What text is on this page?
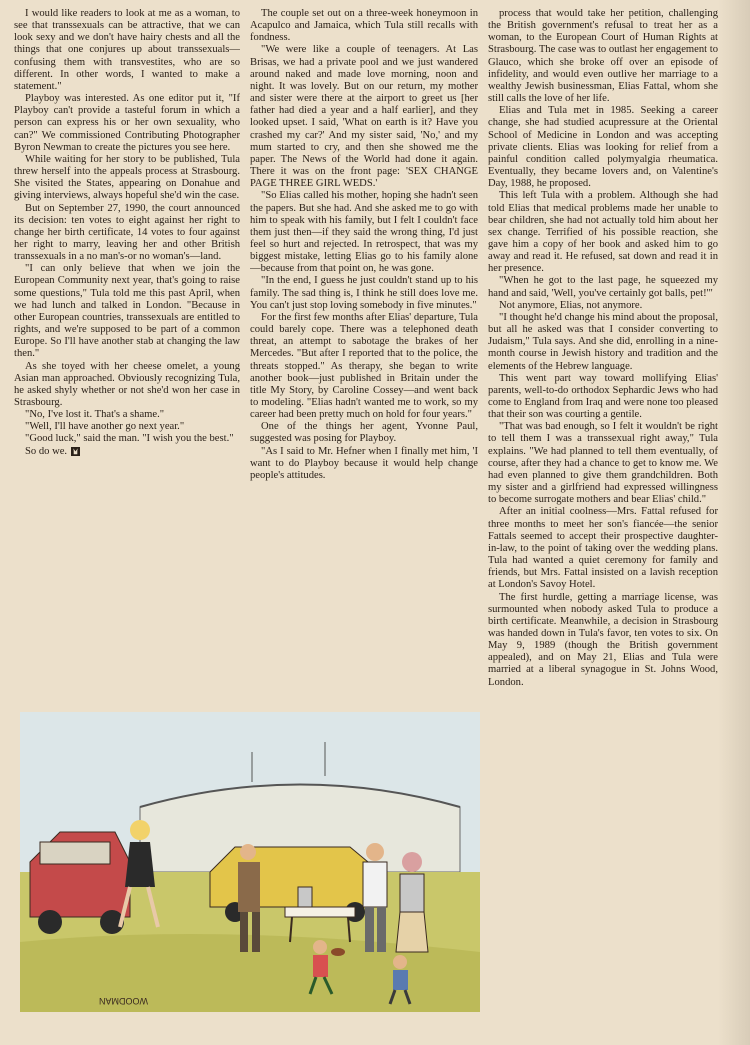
I would like readers to look at me as a woman, to see that transsexuals can be attractive, that we can look sexy and we don't have hairy chests and all the things that one conjures up about transsexuals—confusing them with transvestites, who are so different. In other words, I wanted to make a statement."

Playboy was interested. As one editor put it, "If Playboy can't provide a tasteful forum in which a person can express his or her own sexuality, who can?" We commissioned Contributing Photographer Byron Newman to create the pictures you see here.

While waiting for her story to be published, Tula threw herself into the appeals process at Strasbourg. She visited the States, appearing on Donahue and giving interviews, always hopeful she'd win the case.

But on September 27, 1990, the court announced its decision: ten votes to eight against her right to change her birth certificate, 14 votes to four against her right to marry, leaving her and other British transsexuals in a no man's-or no woman's—land.

"I can only believe that when we join the European Community next year, that's going to raise some questions," Tula told me this past April, when we had lunch and talked in London. "Because in other European countries, transsexuals are entitled to rights, and we're supposed to be part of a common Europe. So I'll have another stab at changing the law then."

As she toyed with her cheese omelet, a young Asian man approached. Obviously recognizing Tula, he asked shyly whether or not she'd won her case in Strasbourg.

"No, I've lost it. That's a shame."

"Well, I'll have another go next year."

"Good luck," said the man. "I wish you the best."

So do we.

The couple set out on a three-week honeymoon in Acapulco and Jamaica, which Tula still recalls with fondness.

"We were like a couple of teenagers. At Las Brisas, we had a private pool and we just wandered around naked and made love morning, noon and night. It was lovely. But on our return, my mother and sister were there at the airport to greet us [her father had died a year and a half earlier], and they looked upset. I said, 'What on earth is it? Have you crashed my car?' And my sister said, 'No,' and my mum started to cry, and then she showed me the paper. The News of the World had done it again. There it was on the front page: 'SEX CHANGE PAGE THREE GIRL WEDS.'

"So Elias called his mother, hoping she hadn't seen the papers. But she had. And she asked me to go with him to speak with his family, but I felt I couldn't face them just then—if they said the wrong thing, I'd just feel so hurt and rejected. In retrospect, that was my biggest mistake, letting Elias go to his family alone—because from that point on, he was gone.

"In the end, I guess he just couldn't stand up to his family. The sad thing is, I think he still does love me. You can't just stop loving somebody in five minutes."

For the first few months after Elias' departure, Tula could barely cope. There was a telephoned death threat, an attempt to sabotage the brakes of her Mercedes. "But after I reported that to the police, the threats stopped." As therapy, she began to write another book—just published in Britain under the title My Story, by Caroline Cossey—and went back to modeling. "Elias hadn't wanted me to work, so my career had been pretty much on hold for four years."

One of the things her agent, Yvonne Paul, suggested was posing for Playboy.

"As I said to Mr. Hefner when I finally met him, 'I want to do Playboy because it would help change people's attitudes.

process that would take her petition, challenging the British government's refusal to treat her as a woman, to the European Court of Human Rights at Strasbourg. The case was to outlast her engagement to Glauco, which she broke off over an episode of infidelity, and would even outlive her marriage to a wealthy Jewish businessman, Elias Fattal, whom she still calls the love of her life.

Elias and Tula met in 1985. Seeking a career change, she had studied acupressure at the Oriental School of Medicine in London and was accepting private clients. Elias was looking for relief from a painful condition called polymyalgia rheumatica. Eventually, they became lovers and, on Valentine's Day, 1988, he proposed.

This left Tula with a problem. Although she had told Elias that medical problems made her unable to bear children, she had not actually told him about her sex change. Terrified of his possible reaction, she gave him a copy of her book and asked him to go away and read it. He refused, sat down and read it in her presence.

"When he got to the last page, he squeezed my hand and said, 'Well, you've certainly got balls, pet!'"

Not anymore, Elias, not anymore.

"I thought he'd change his mind about the proposal, but all he asked was that I consider converting to Judaism," Tula says. And she did, enrolling in a nine-month course in Jewish history and tradition and the elements of the Hebrew language.

This went part way toward mollifying Elias' parents, well-to-do orthodox Sephardic Jews who had come to England from Iraq and were none too pleased that their son was courting a gentile.

"That was bad enough, so I felt it wouldn't be right to tell them I was a transsexual right away," Tula explains. "We had planned to tell them eventually, of course, after they had a chance to get to know me. We had even planned to give them grandchildren. Both my sister and a girlfriend had expressed willingness to become surrogate mothers and bear Elias' child."

After an initial coolness—Mrs. Fattal refused for three months to meet her son's fiancée—the senior Fattals seemed to accept their prospective daughter-in-law, to the point of taking over the wedding plans. Tula had wanted a quiet ceremony for family and friends, but Mrs. Fattal insisted on a lavish reception at London's Savoy Hotel.

The first hurdle, getting a marriage license, was surmounted when nobody asked Tula to produce a birth certificate. Meanwhile, a decision in Strasbourg was handed down in Tula's favor, ten votes to six. On May 9, 1989 (though the British government appealed), and on May 21, Elias and Tula were married at a liberal synagogue in St. Johns Wood, London.

WOODMAN
